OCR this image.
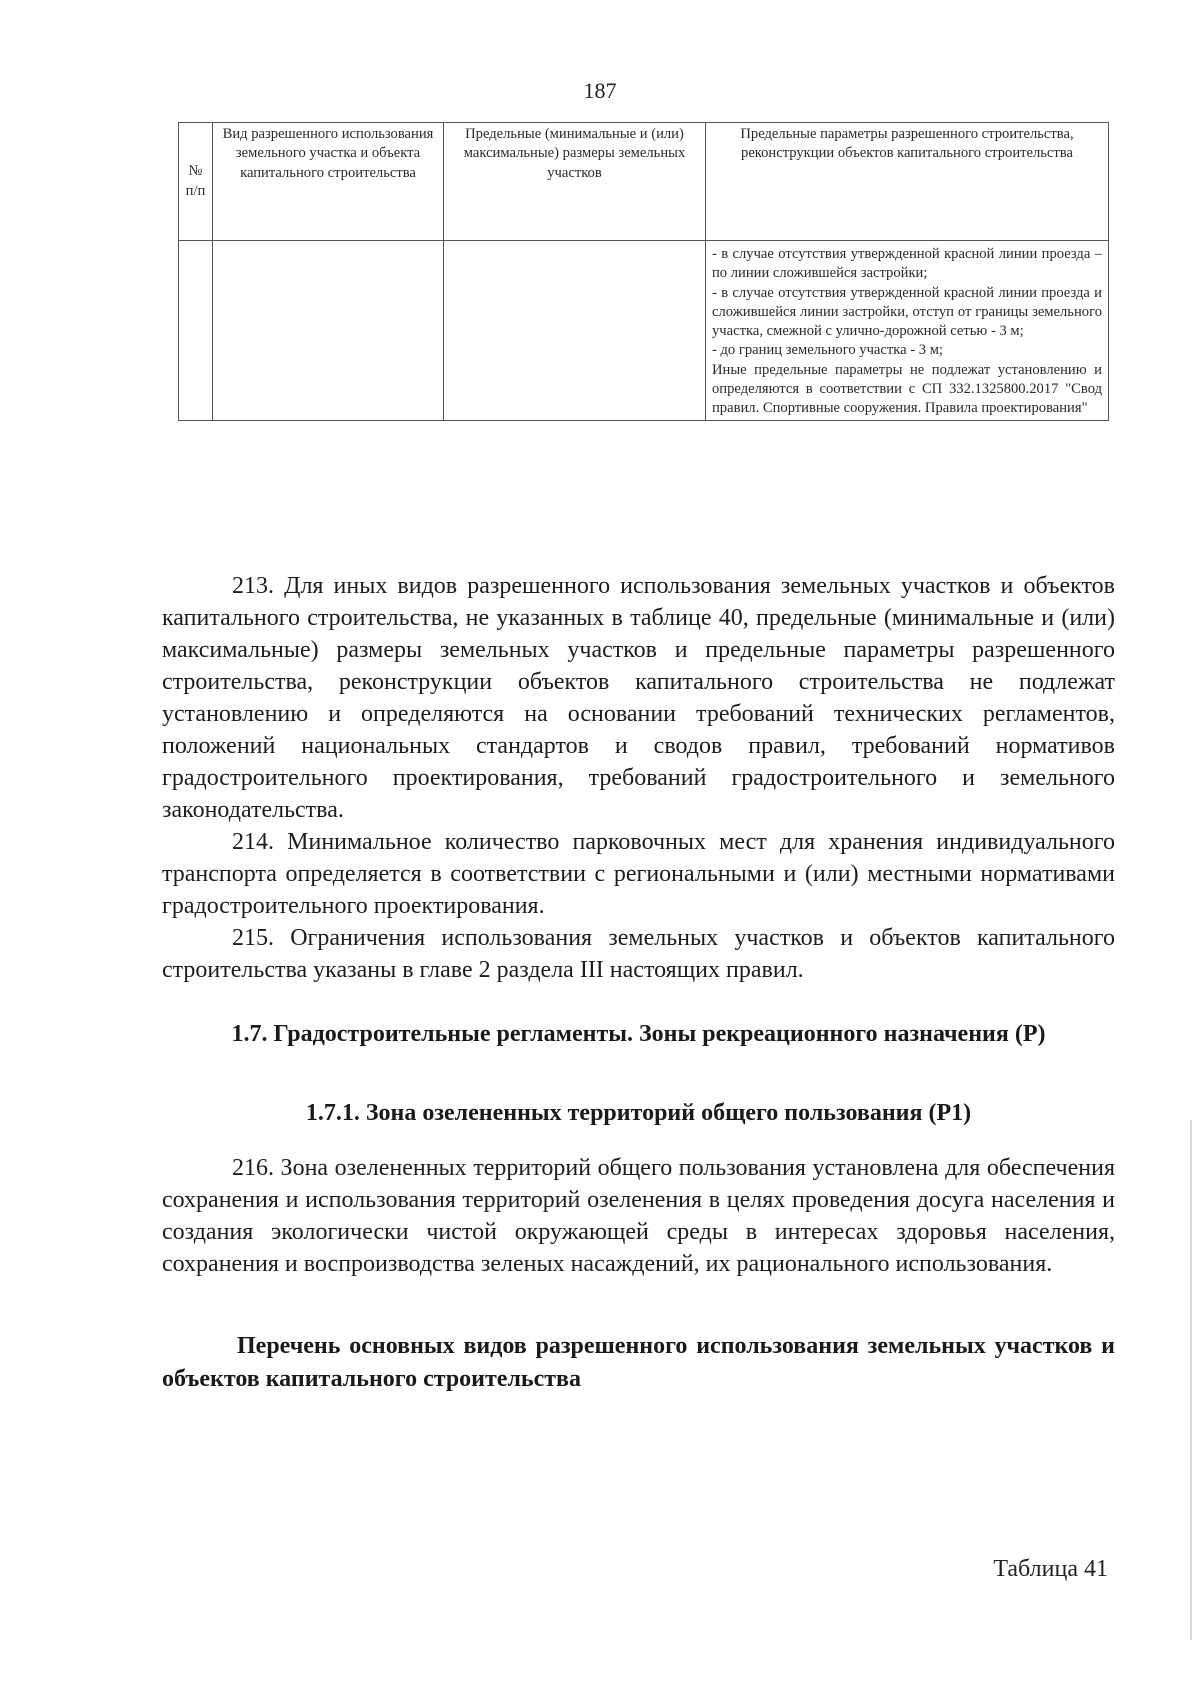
187
№ п/п	Вид разрешенного использования земельного участка и объекта капитального строительства	Предельные (минимальные и (или) максимальные) размеры земельных участков	Предельные параметры разрешенного строительства, реконструкции объектов капитального строительства

			- в случае отсутствия утвержденной красной линии проезда – по линии сложившейся застройки;
- в случае отсутствия утвержденной красной линии проезда и сложившейся линии застройки, отступ от границы земельного участка, смежной с улично-дорожной сетью - 3 м;
- до границ земельного участка - 3 м;
Иные предельные параметры не подлежат установлению и определяются в соответствии с СП 332.1325800.2017 "Свод правил. Спортивные сооружения. Правила проектирования"

213. Для иных видов разрешенного использования земельных участков и объектов капитального строительства, не указанных в таблице 40, предельные (минимальные и (или) максимальные) размеры земельных участков и предельные параметры разрешенного строительства, реконструкции объектов капитального строительства не подлежат установлению и определяются на основании требований технических регламентов, положений национальных стандартов и сводов правил, требований нормативов градостроительного проектирования, требований градостроительного и земельного законодательства.

214. Минимальное количество парковочных мест для хранения индивидуального транспорта определяется в соответствии с региональными и (или) местными нормативами градостроительного проектирования.

215. Ограничения использования земельных участков и объектов капитального строительства указаны в главе 2 раздела III настоящих правил.

1.7. Градостроительные регламенты. Зоны рекреационного назначения (Р)
1.7.1. Зона озелененных территорий общего пользования (Р1)

216. Зона озелененных территорий общего пользования установлена для обеспечения сохранения и использования территорий озеленения в целях проведения досуга населения и создания экологически чистой окружающей среды в интересах здоровья населения, сохранения и воспроизводства зеленых насаждений, их рационального использования.

Перечень основных видов разрешенного использования земельных участков и объектов капитального строительства
Таблица 41
